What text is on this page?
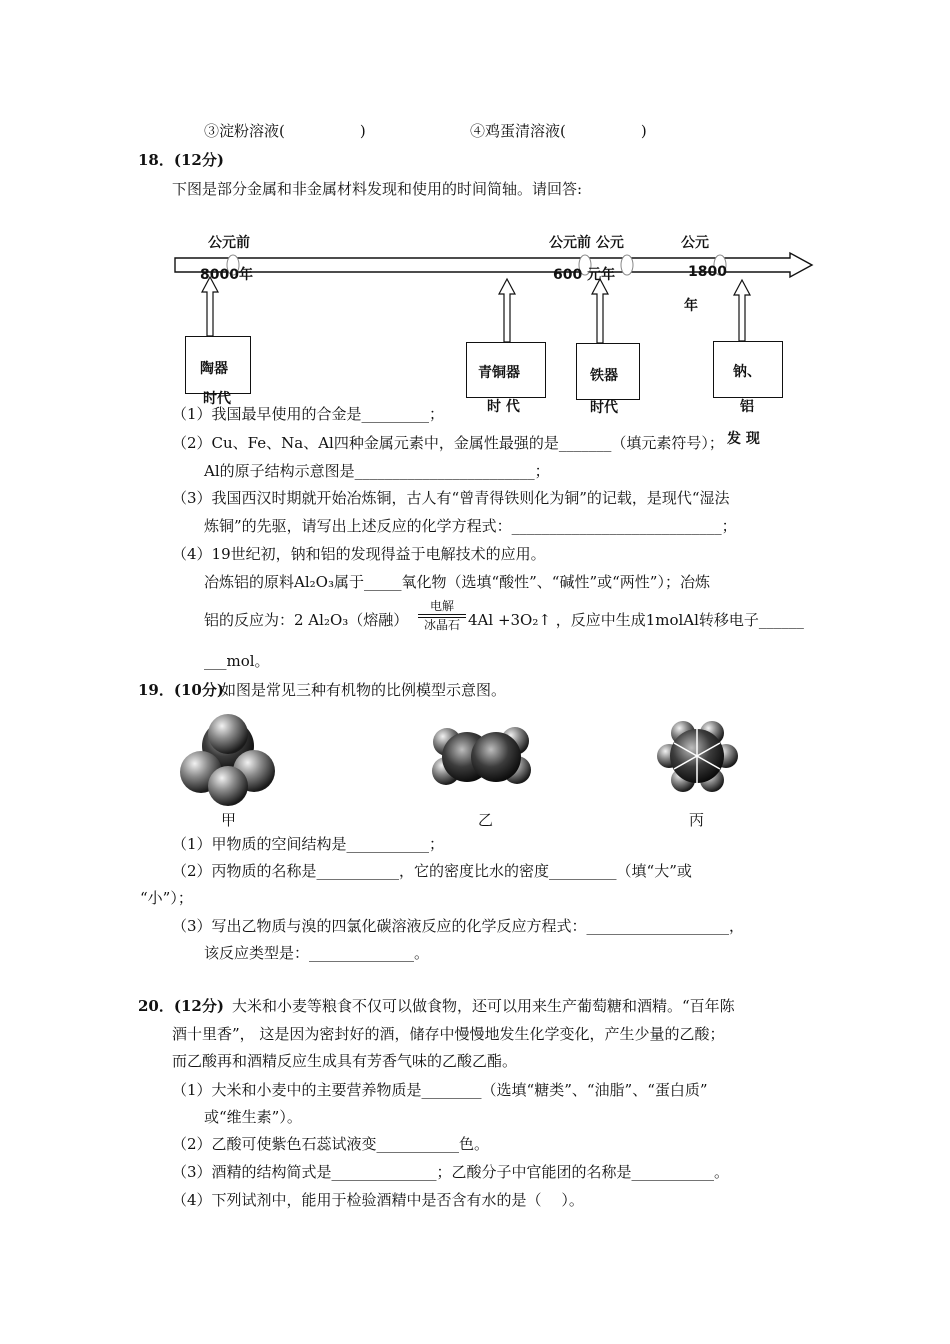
③淀粉溶液(　　　　　)	④鸡蛋清溶液(　　　　　)
18．(12分)
下图是部分金属和非金属材料发现和使用的时间简轴。请回答:
公元前
8000年
公元前 公元
600 元年
公元
1800
年
陶器
时代
青铜器
时 代
铁器
时代
钠、
铝
发 现
（1）我国最早使用的合金是_________；
（2）Cu、Fe、Na、Al四种金属元素中，金属性最强的是_______（填元素符号）；
Al的原子结构示意图是________________________；
（3）我国西汉时期就开始冶炼铜，古人有“曾青得铁则化为铜”的记载，是现代“湿法
炼铜”的先驱，请写出上述反应的化学方程式：____________________________；
（4）19世纪初，钠和铝的发现得益于电解技术的应用。
冶炼铝的原料Al₂O₃属于_____氧化物（选填“酸性”、“碱性”或“两性”）；冶炼
铝的反应为：2 Al₂O₃（熔融）
电解
冰晶石 4Al +3O₂↑ ，反应中生成1molAl转移电子______
___mol。
19．(10分)
如图是常见三种有机物的比例模型示意图。
甲	乙	丙
（1）甲物质的空间结构是___________；
（2）丙物质的名称是___________，它的密度比水的密度_________（填“大”或
“小”）；
（3）写出乙物质与溴的四氯化碳溶液反应的化学反应方程式：___________________，
该反应类型是：______________。
20．(12分) 大米和小麦等粮食不仅可以做食物，还可以用来生产葡萄糖和酒精。“百年陈
酒十里香”， 这是因为密封好的酒，储存中慢慢地发生化学变化，产生少量的乙酸；
而乙酸再和酒精反应生成具有芳香气味的乙酸乙酯。
（1）大米和小麦中的主要营养物质是________（选填“糖类”、“油脂”、“蛋白质”
或“维生素”）。
（2）乙酸可使紫色石蕊试液变___________色。
（3）酒精的结构简式是______________；乙酸分子中官能团的名称是___________。
（4）下列试剂中，能用于检验酒精中是否含有水的是（　 ）。
